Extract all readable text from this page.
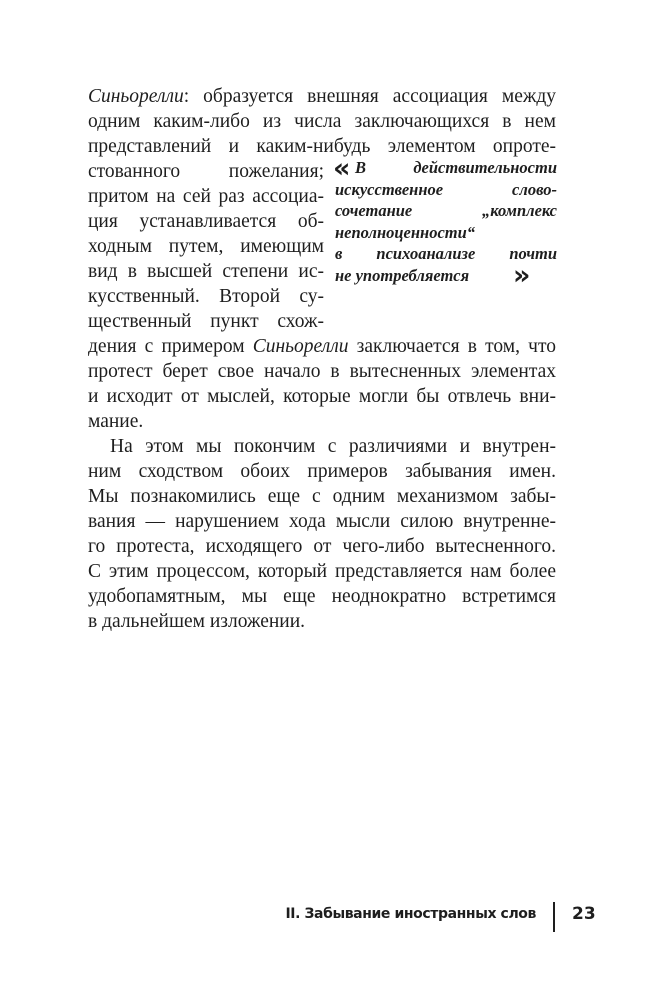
Синьорелли: образуется внешняя ассоциация между
одним каким-либо из числа заключающихся в нем
представлений и каким-нибудь элементом опроте-
стованного пожелания;
притом на сей раз ассоциа-
ция устанавливается об-
ходным путем, имеющим
вид в высшей степени ис-
кусственный. Второй су-
щественный пункт схож-
дения с примером Синьорелли заключается в том, что
протест берет свое начало в вытесненных элементах
и исходит от мыслей, которые могли бы отвлечь вни-
мание.
На этом мы покончим с различиями и внутрен-
ним сходством обоих примеров забывания имен.
Мы познакомились еще с одним механизмом забы-
вания — нарушением хода мысли силою внутренне-
го протеста, исходящего от чего-либо вытесненного.
С этим процессом, который представляется нам более
удобопамятным, мы еще неоднократно встретимся
в дальнейшем изложении.
« В действительности
искусственное слово-
сочетание „комплекс
неполноценности“
в психоанализе почти
не употребляется	»
II. Забывание иностранных слов 23
